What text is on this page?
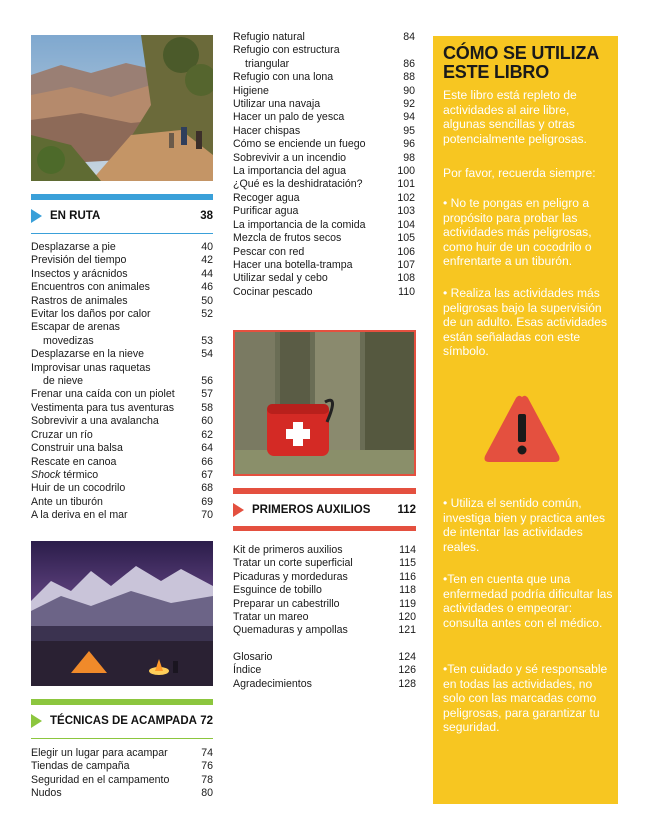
EN RUTA	38
Desplazarse a pie	40
Previsión del tiempo	42
Insectos y arácnidos	44
Encuentros con animales	46
Rastros de animales	50
Evitar los daños por calor	52
Escapar de arenas
movedizas	53
Desplazarse en la nieve	54
Improvisar unas raquetas
de nieve	56
Frenar una caída con un piolet	57
Vestimenta para tus aventuras	58
Sobrevivir a una avalancha	60
Cruzar un río	62
Construir una balsa	64
Rescate en canoa	66
Shock térmico	67
Huir de un cocodrilo	68
Ante un tiburón	69
A la deriva en el mar	70
TÉCNICAS DE ACAMPADA 72
Elegir un lugar para acampar	74
Tiendas de campaña	76
Seguridad en el campamento	78
Nudos	80
Refugio natural	84
Refugio con estructura
triangular	86
Refugio con una lona	88
Higiene	90
Utilizar una navaja	92
Hacer un palo de yesca	94
Hacer chispas	95
Cómo se enciende un fuego	96
Sobrevivir a un incendio	98
La importancia del agua	100
¿Qué es la deshidratación?	101
Recoger agua	102
Purificar agua	103
La importancia de la comida	104
Mezcla de frutos secos	105
Pescar con red	106
Hacer una botella-trampa	107
Utilizar sedal y cebo	108
Cocinar pescado	110
PRIMEROS AUXILIOS	112
Kit de primeros auxilios	114
Tratar un corte superficial	115
Picaduras y mordeduras	116
Esguince de tobillo	118
Preparar un cabestrillo	119
Tratar un mareo	120
Quemaduras y ampollas	121
Glosario	124
Índice	126
Agradecimientos	128
CÓMO SE UTILIZA
ESTE LIBRO

Este libro está repleto de actividades al aire libre, algunas sencillas y otras potencialmente peligrosas.

Por favor, recuerda siempre:

• No te pongas en peligro a propósito para probar las actividades más peligrosas, como huir de un cocodrilo o enfrentarte a un tiburón.

• Realiza las actividades más peligrosas bajo la supervisión de un adulto. Esas actividades están señaladas con este símbolo.

• Utiliza el sentido común, investiga bien y practica antes de intentar las actividades reales.

•Ten en cuenta que una enfermedad podría dificultar las actividades o empeorar: consulta antes con el médico.

•Ten cuidado y sé responsable en todas las actividades, no solo con las marcadas como peligrosas, para garantizar tu seguridad.
